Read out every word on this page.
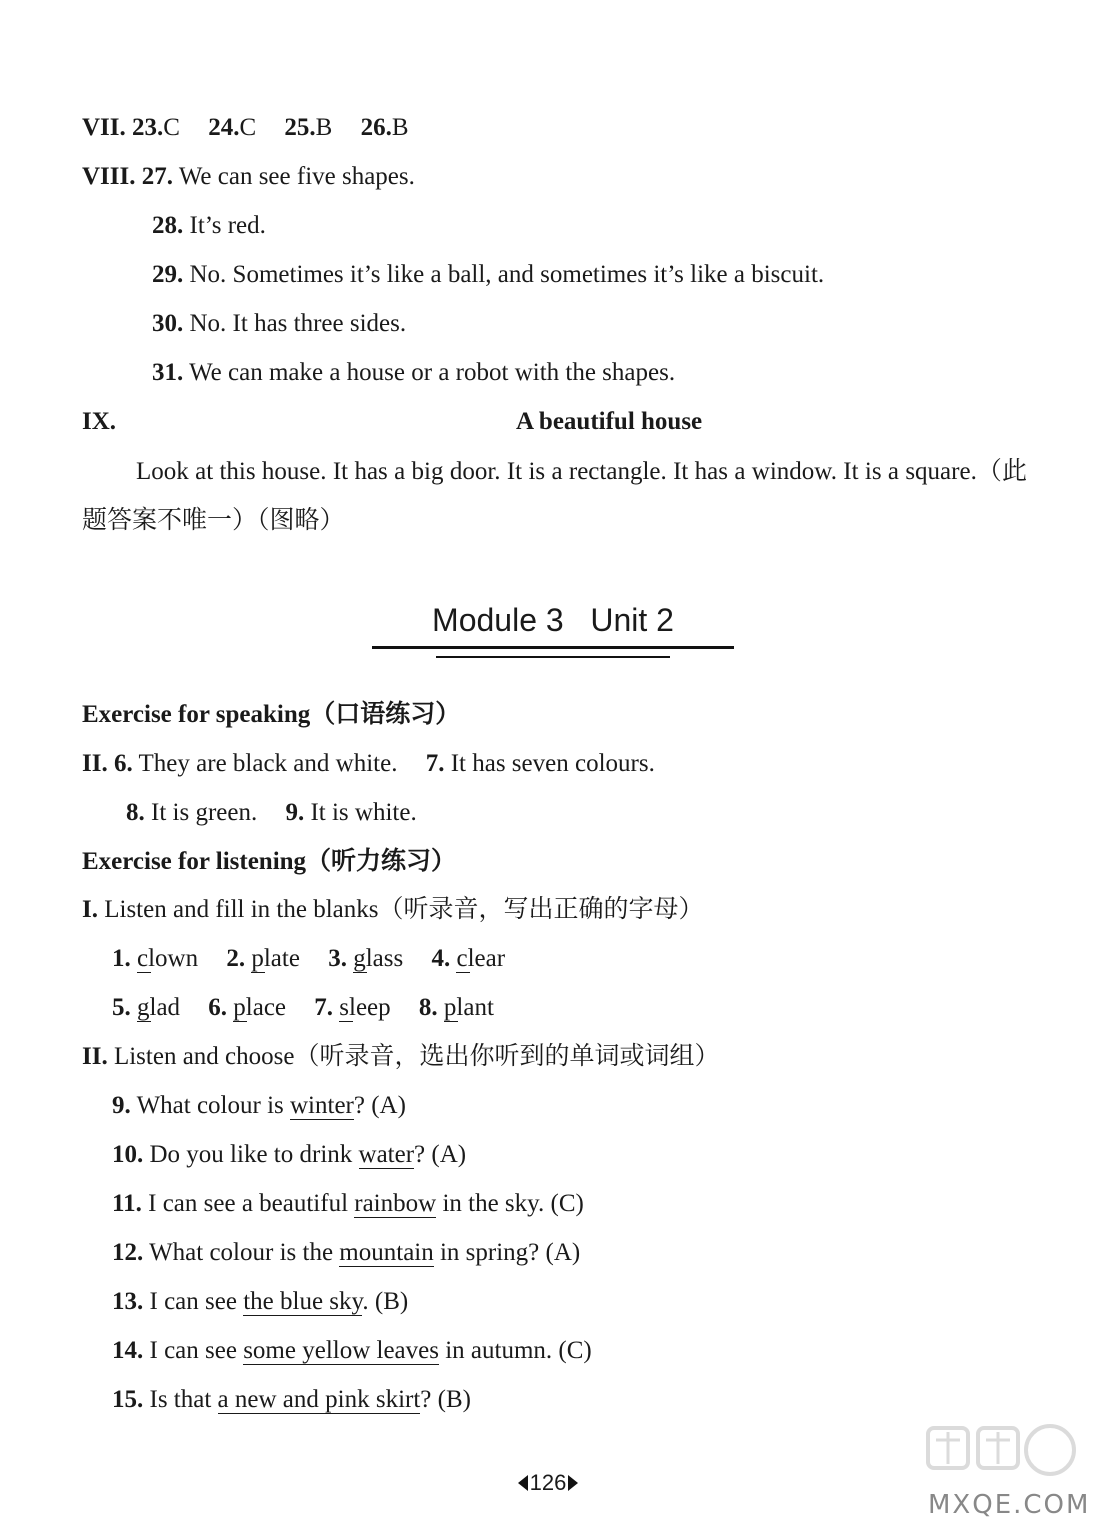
VII. 23.C 24.C 25.B 26.B
VIII. 27. We can see five shapes.
28. It’s red.
29. No. Sometimes it’s like a ball, and sometimes it’s like a biscuit.
30. No. It has three sides.
31. We can make a house or a robot with the shapes.
IX.	A beautiful house
Look at this house. It has a big door. It is a rectangle. It has a window. It is a square.（此题答案不唯一）（图略）
Module 3 Unit 2
Exercise for speaking（口语练习）
II. 6. They are black and white. 7. It has seven colours.
8. It is green. 9. It is white.
Exercise for listening（听力练习）
I. Listen and fill in the blanks（听录音，写出正确的字母）
1. clown 2. plate 3. glass 4. clear
5. glad 6. place 7. sleep 8. plant
II. Listen and choose（听录音，选出你听到的单词或词组）
9. What colour is winter? (A)
10. Do you like to drink water? (A)
11. I can see a beautiful rainbow in the sky. (C)
12. What colour is the mountain in spring? (A)
13. I can see the blue sky. (B)
14. I can see some yellow leaves in autumn. (C)
15. Is that a new and pink skirt? (B)
126
MXQE.COM
